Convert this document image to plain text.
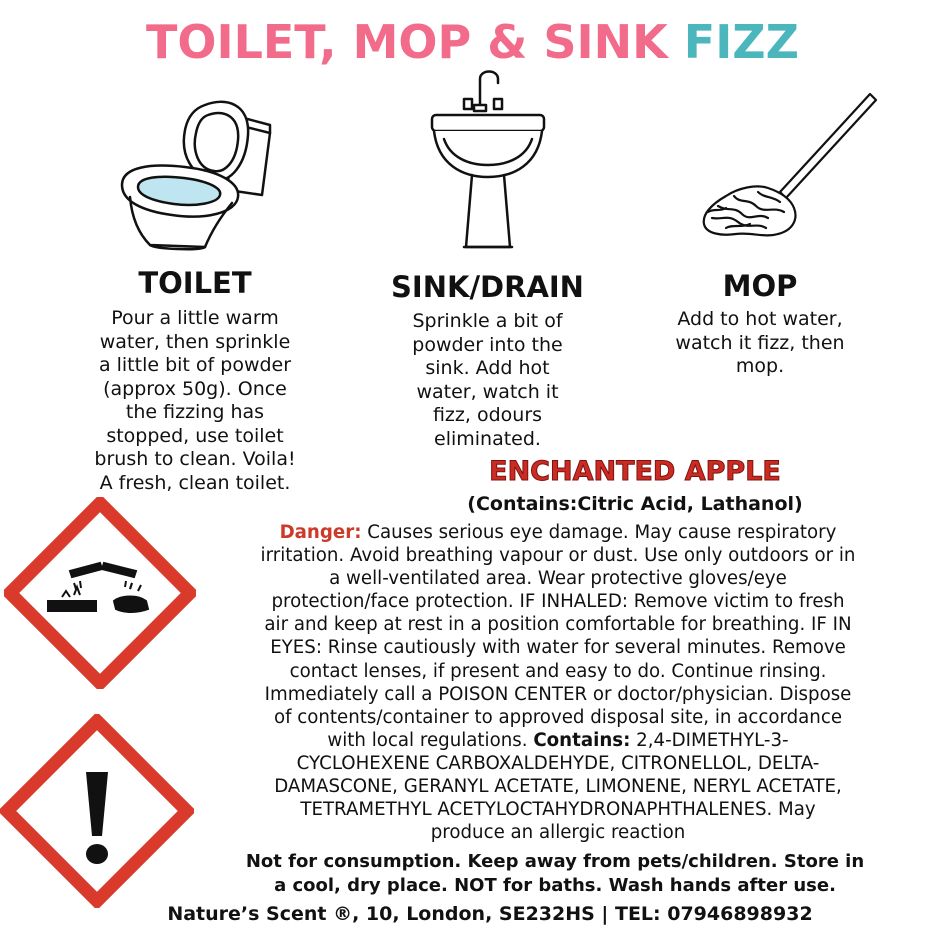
TOILET, MOP & SINK FIZZ
TOILET
Pour a little warm
water, then sprinkle
a little bit of powder
(approx 50g). Once
the fizzing has
stopped, use toilet
brush to clean. Voila!
A fresh, clean toilet.
SINK/DRAIN
Sprinkle a bit of
powder into the
sink. Add hot
water, watch it
fizz, odours
eliminated.
MOP
Add to hot water,
watch it fizz, then
mop.
ENCHANTED APPLE
(Contains:Citric Acid, Lathanol)
Danger: Causes serious eye damage. May cause respiratory
irritation. Avoid breathing vapour or dust. Use only outdoors or in
a well-ventilated area. Wear protective gloves/eye
protection/face protection. IF INHALED: Remove victim to fresh
air and keep at rest in a position comfortable for breathing. IF IN
EYES: Rinse cautiously with water for several minutes. Remove
contact lenses, if present and easy to do. Continue rinsing.
Immediately call a POISON CENTER or doctor/physician. Dispose
of contents/container to approved disposal site, in accordance
with local regulations. Contains: 2,4-DIMETHYL-3-
CYCLOHEXENE CARBOXALDEHYDE, CITRONELLOL, DELTA-
DAMASCONE, GERANYL ACETATE, LIMONENE, NERYL ACETATE,
TETRAMETHYL ACETYLOCTAHYDRONAPHTHALENES. May
produce an allergic reaction
Not for consumption. Keep away from pets/children. Store in
a cool, dry place. NOT for baths. Wash hands after use.
Nature’s Scent ®, 10, London, SE232HS | TEL: 07946898932
